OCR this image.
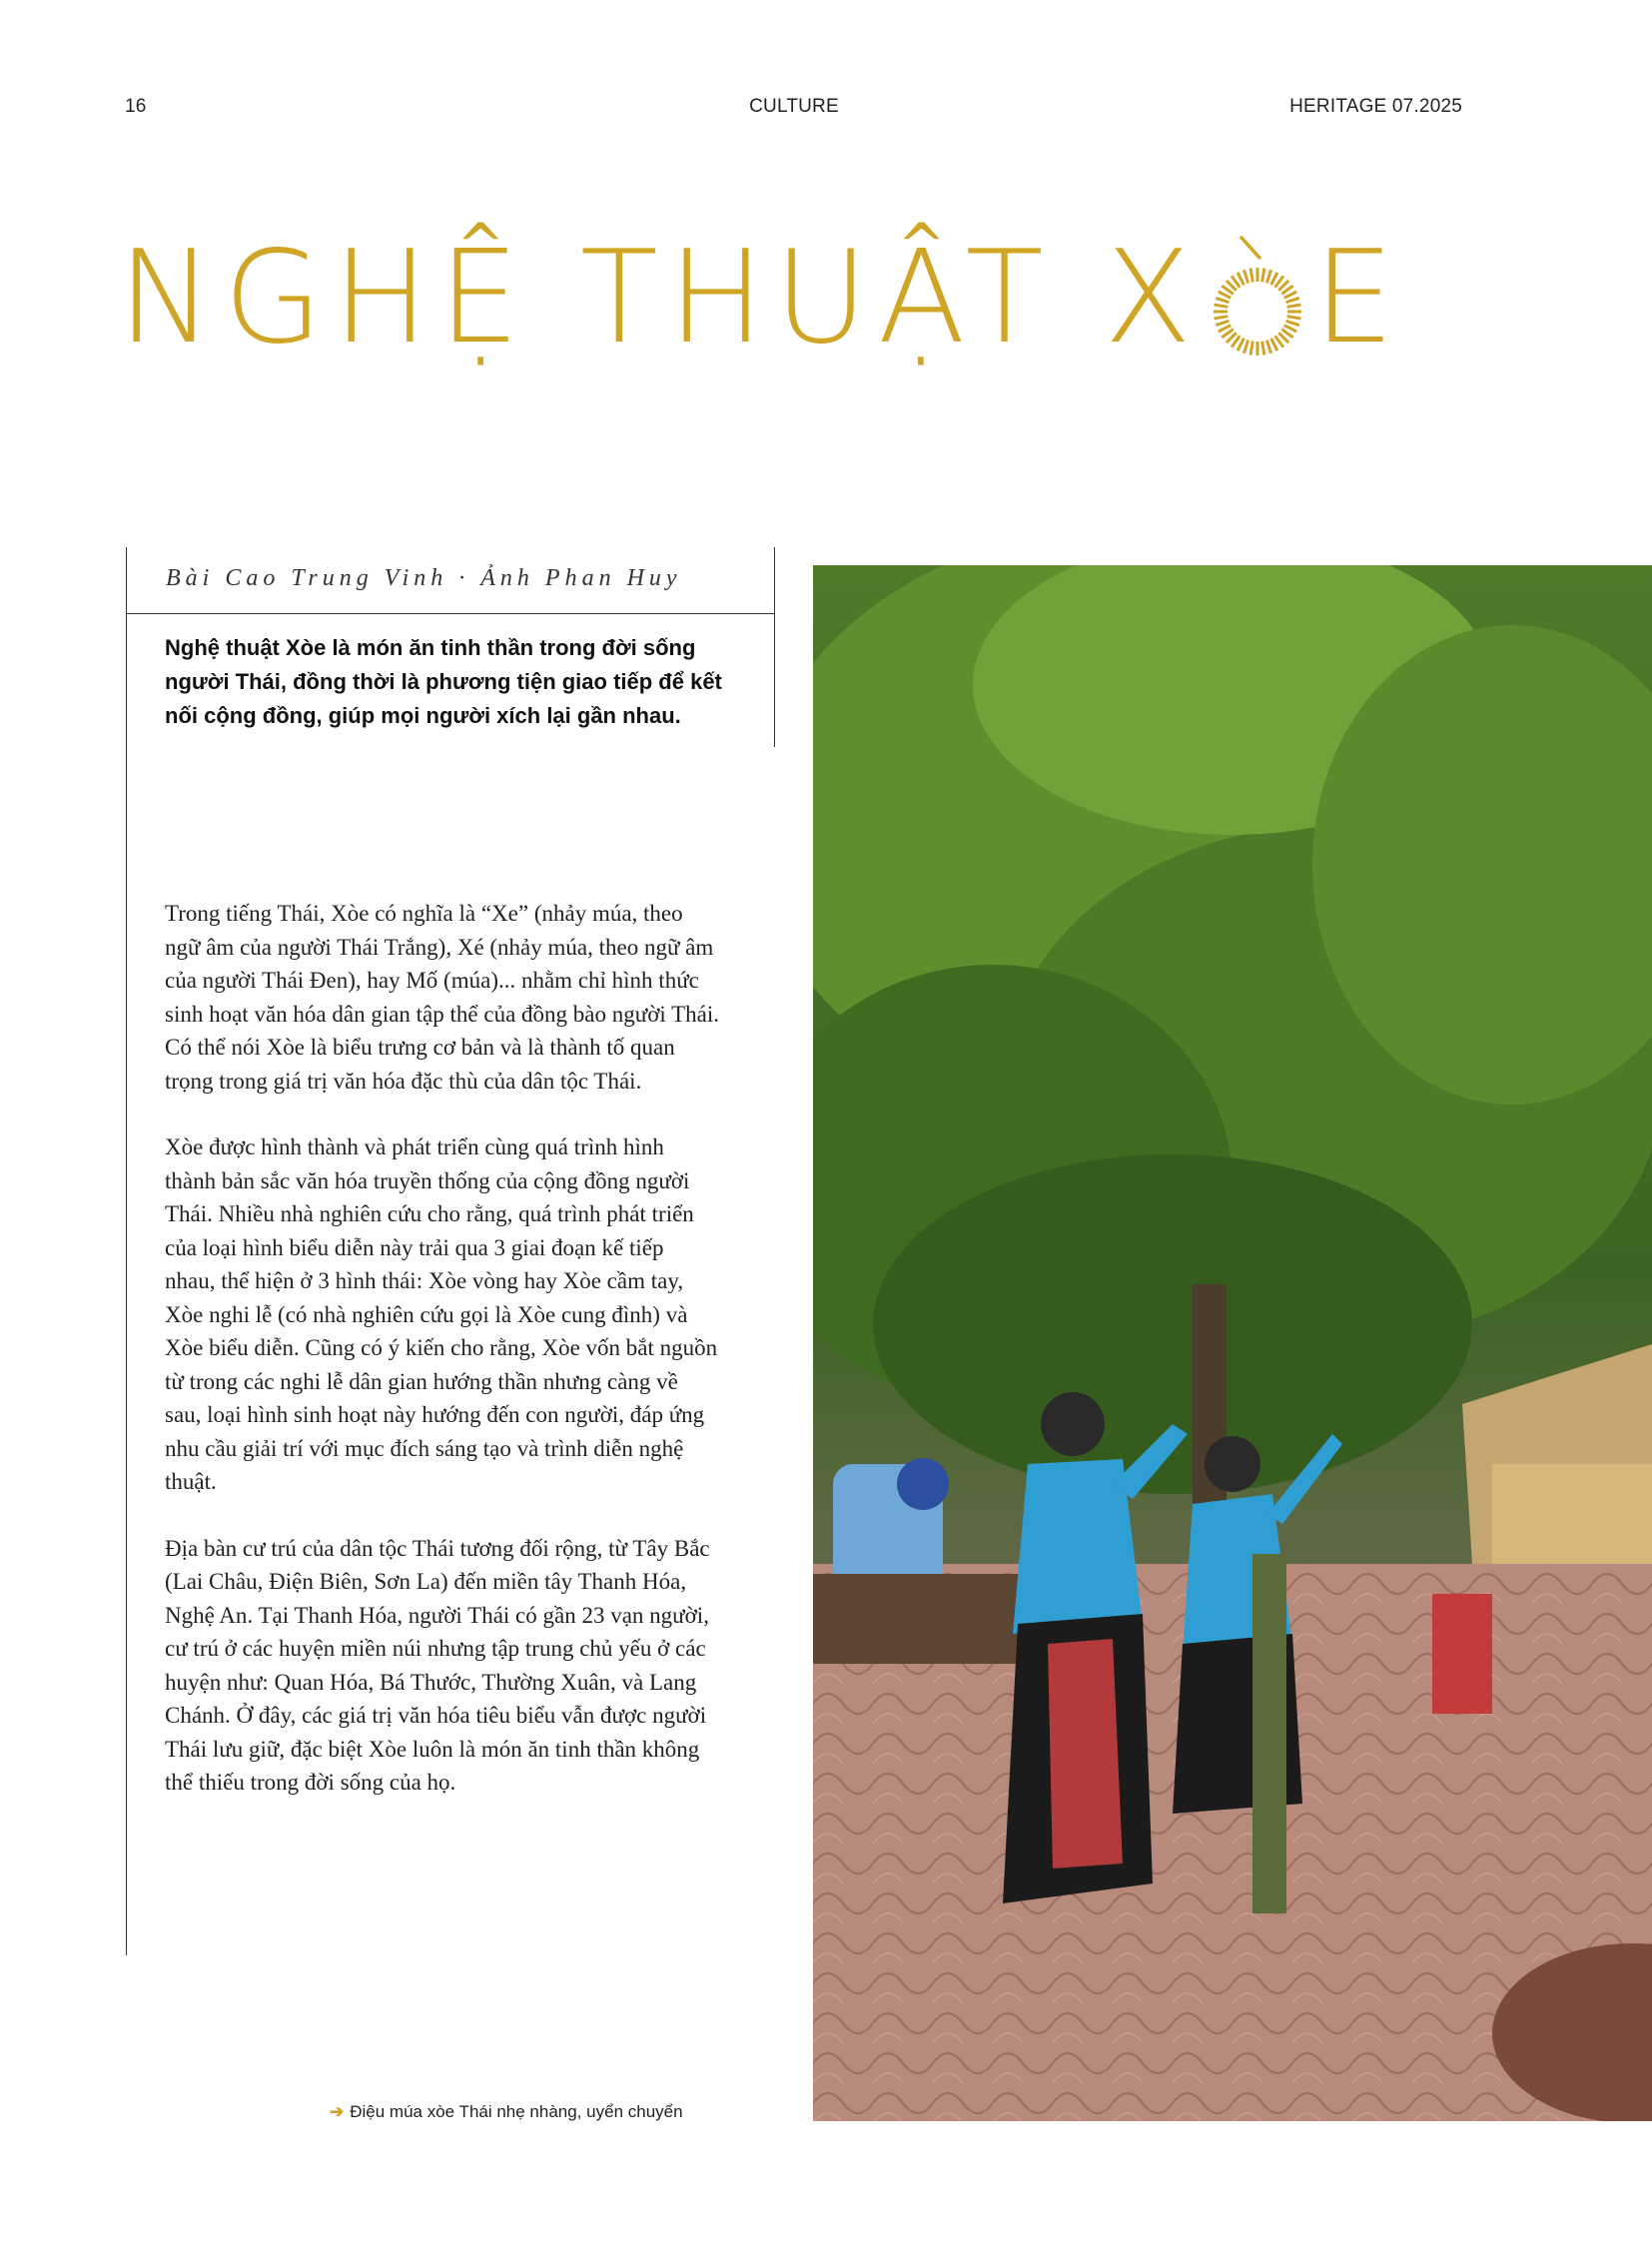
16	CULTURE	HERITAGE 07.2025
NGHỆ THUẬT X E
Bài Cao Trung Vinh · Ảnh Phan Huy
Nghệ thuật Xòe là món ăn tinh thần trong đời sống người Thái, đồng thời là phương tiện giao tiếp để kết nối cộng đồng, giúp mọi người xích lại gần nhau.

Trong tiếng Thái, Xòe có nghĩa là “Xe” (nhảy múa, theo ngữ âm của người Thái Trắng), Xé (nhảy múa, theo ngữ âm của người Thái Đen), hay Mố (múa)... nhằm chỉ hình thức sinh hoạt văn hóa dân gian tập thể của đồng bào người Thái. Có thể nói Xòe là biểu trưng cơ bản và là thành tố quan trọng trong giá trị văn hóa đặc thù của dân tộc Thái.

Xòe được hình thành và phát triển cùng quá trình hình thành bản sắc văn hóa truyền thống của cộng đồng người Thái. Nhiều nhà nghiên cứu cho rằng, quá trình phát triển của loại hình biểu diễn này trải qua 3 giai đoạn kế tiếp nhau, thể hiện ở 3 hình thái: Xòe vòng hay Xòe cầm tay, Xòe nghi lễ (có nhà nghiên cứu gọi là Xòe cung đình) và Xòe biểu diễn. Cũng có ý kiến cho rằng, Xòe vốn bắt nguồn từ trong các nghi lễ dân gian hướng thần nhưng càng về sau, loại hình sinh hoạt này hướng đến con người, đáp ứng nhu cầu giải trí với mục đích sáng tạo và trình diễn nghệ thuật.

Địa bàn cư trú của dân tộc Thái tương đối rộng, từ Tây Bắc (Lai Châu, Điện Biên, Sơn La) đến miền tây Thanh Hóa, Nghệ An. Tại Thanh Hóa, người Thái có gần 23 vạn người, cư trú ở các huyện miền núi nhưng tập trung chủ yếu ở các huyện như: Quan Hóa, Bá Thước, Thường Xuân, và Lang Chánh. Ở đây, các giá trị văn hóa tiêu biểu vẫn được người Thái lưu giữ, đặc biệt Xòe luôn là món ăn tinh thần không thể thiếu trong đời sống của họ.

➔ Điệu múa xòe Thái nhẹ nhàng, uyển chuyển
